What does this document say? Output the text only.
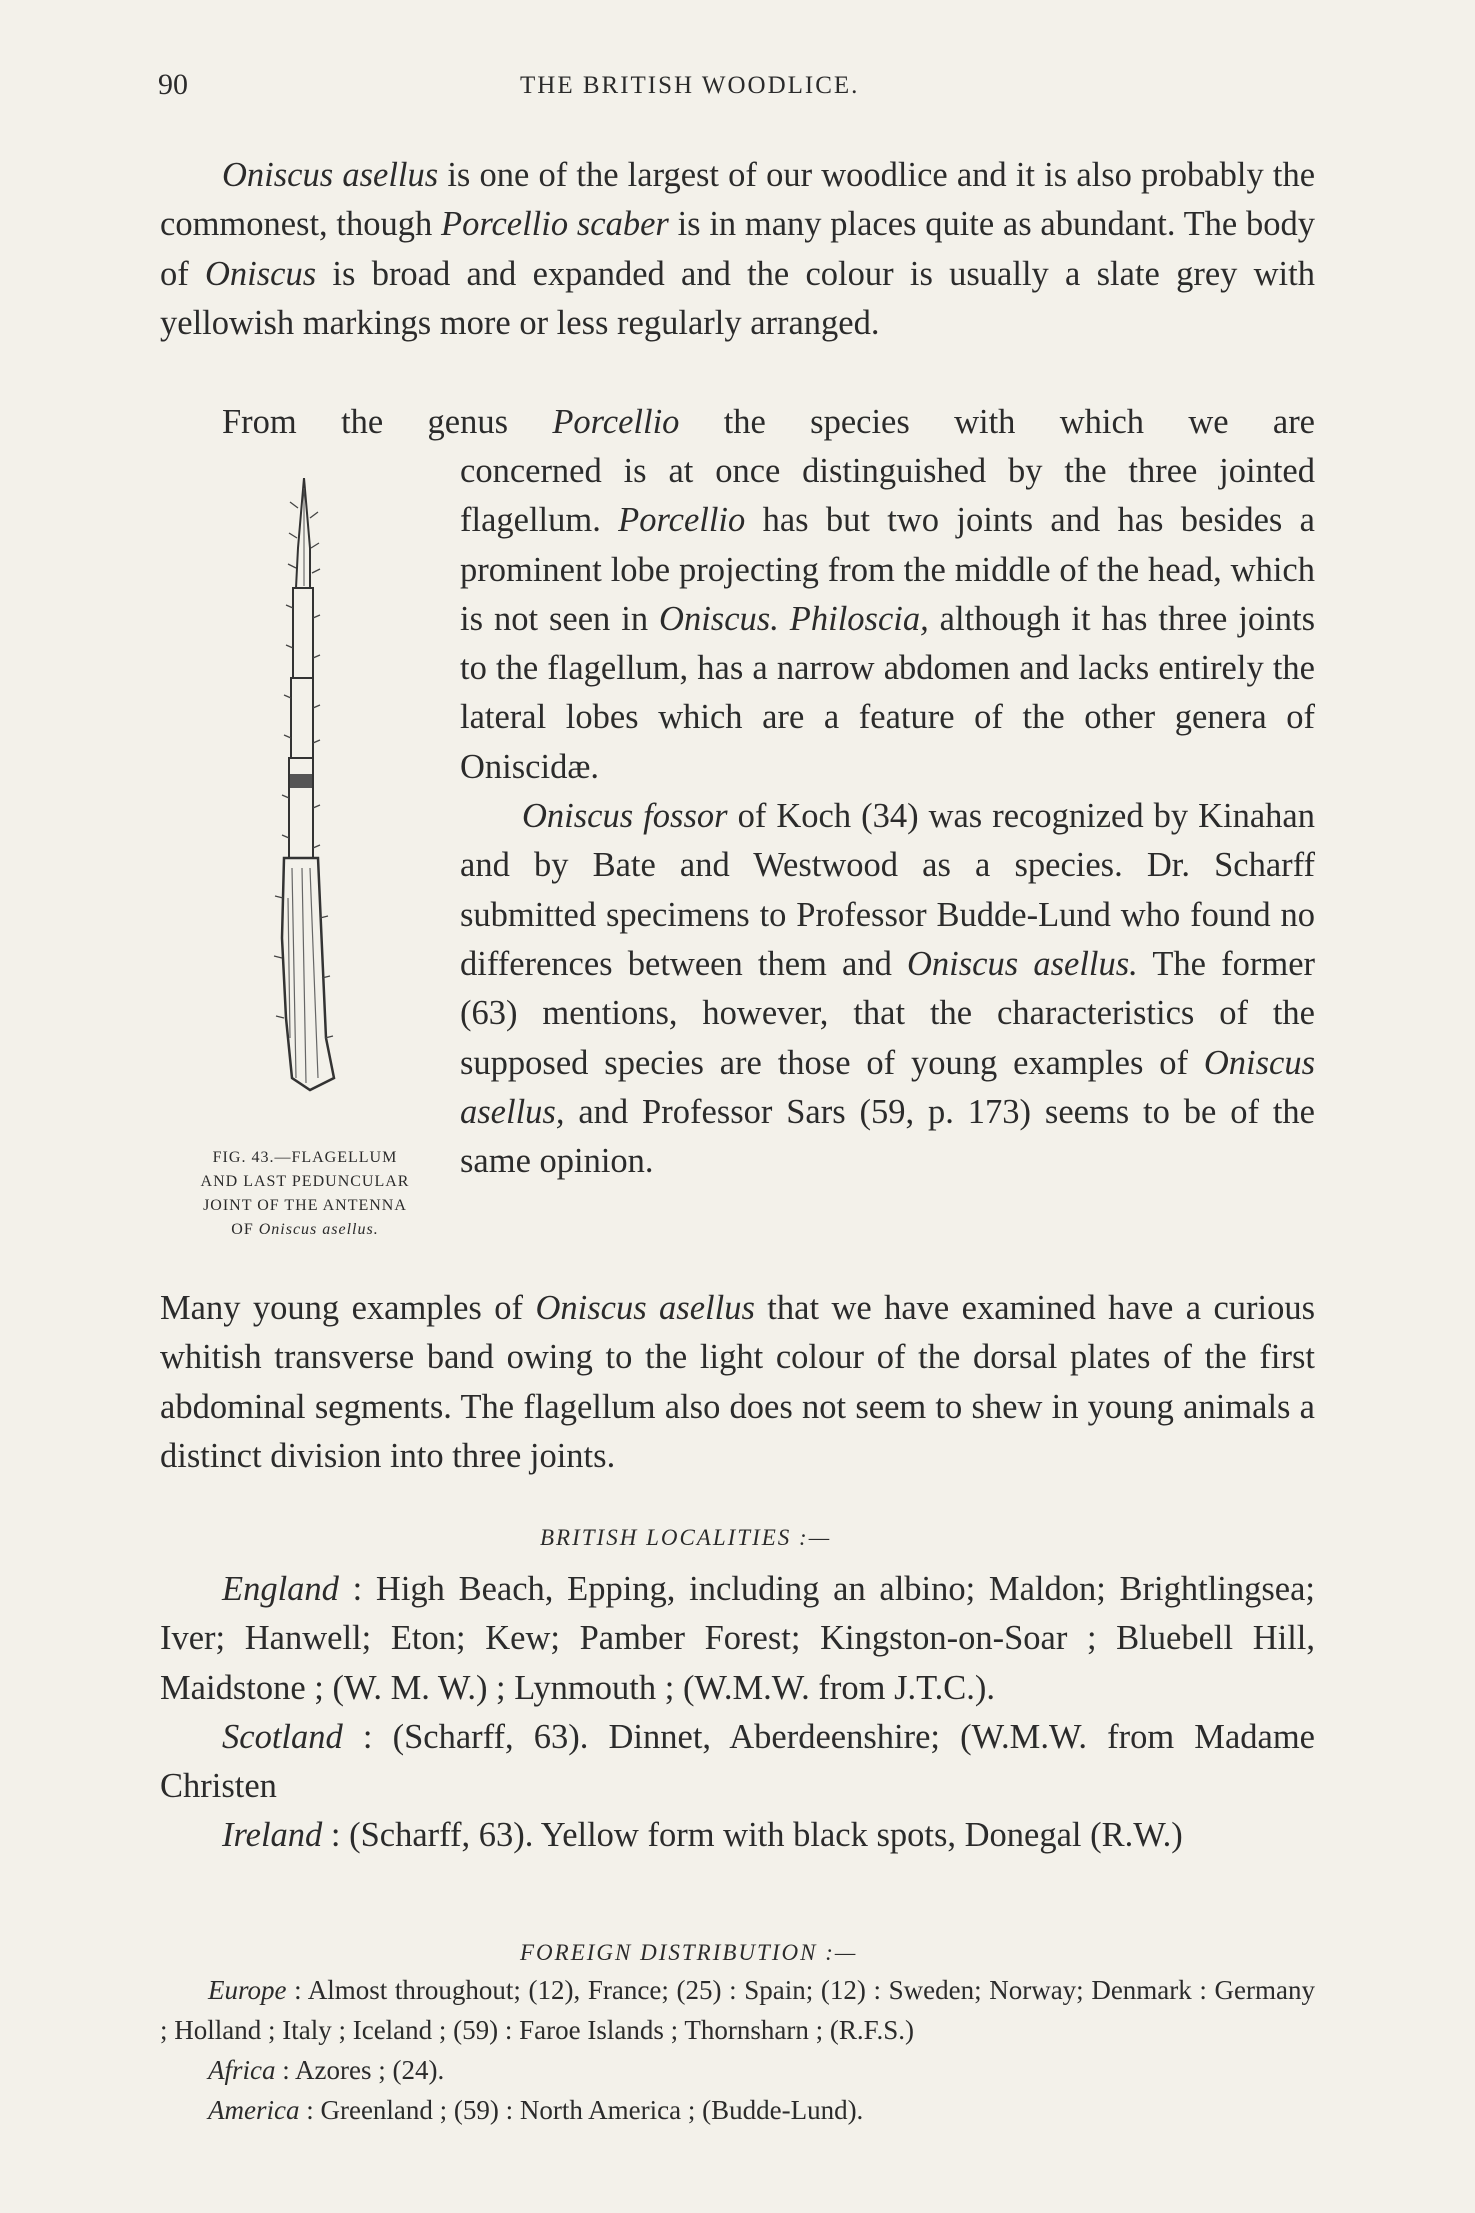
90	THE BRITISH WOODLICE.

Oniscus asellus is one of the largest of our woodlice and it is also probably the commonest, though Porcellio scaber is in many places quite as abundant. The body of Oniscus is broad and expanded and the colour is usually a slate grey with yellowish markings more or less regularly arranged.

From the genus Porcellio the species with which we are

FIG. 43.—FLAGELLUM
AND LAST PEDUNCULAR
JOINT OF THE ANTENNA
OF Oniscus asellus.

concerned is at once distinguished by the three jointed flagellum. Porcellio has but two joints and has besides a prominent lobe projecting from the middle of the head, which is not seen in Oniscus. Philoscia, although it has three joints to the flagellum, has a narrow abdomen and lacks entirely the lateral lobes which are a feature of the other genera of Oniscidæ.

Oniscus fossor of Koch (34) was recognized by Kinahan and by Bate and Westwood as a species. Dr. Scharff submitted specimens to Professor Budde-Lund who found no differences between them and Oniscus asellus. The former (63) mentions, however, that the characteristics of the supposed species are those of young examples of Oniscus asellus, and Professor Sars (59, p. 173) seems to be of the same opinion.

Many young examples of Oniscus asellus that we have examined have a curious whitish transverse band owing to the light colour of the dorsal plates of the first abdominal segments. The flagellum also does not seem to shew in young animals a distinct division into three joints.

BRITISH LOCALITIES :—

England : High Beach, Epping, including an albino; Maldon; Brightlingsea; Iver; Hanwell; Eton; Kew; Pamber Forest; Kingston-on-Soar ; Bluebell Hill, Maidstone ; (W. M. W.) ; Lynmouth ; (W.M.W. from J.T.C.).

Scotland : (Scharff, 63). Dinnet, Aberdeenshire; (W.M.W. from Madame Christen

Ireland : (Scharff, 63). Yellow form with black spots, Donegal (R.W.)

FOREIGN DISTRIBUTION :—

Europe : Almost throughout; (12), France; (25) : Spain; (12) : Sweden; Norway; Denmark : Germany ; Holland ; Italy ; Iceland ; (59) : Faroe Islands ; Thornsharn ; (R.F.S.)

Africa : Azores ; (24).

America : Greenland ; (59) : North America ; (Budde-Lund).
